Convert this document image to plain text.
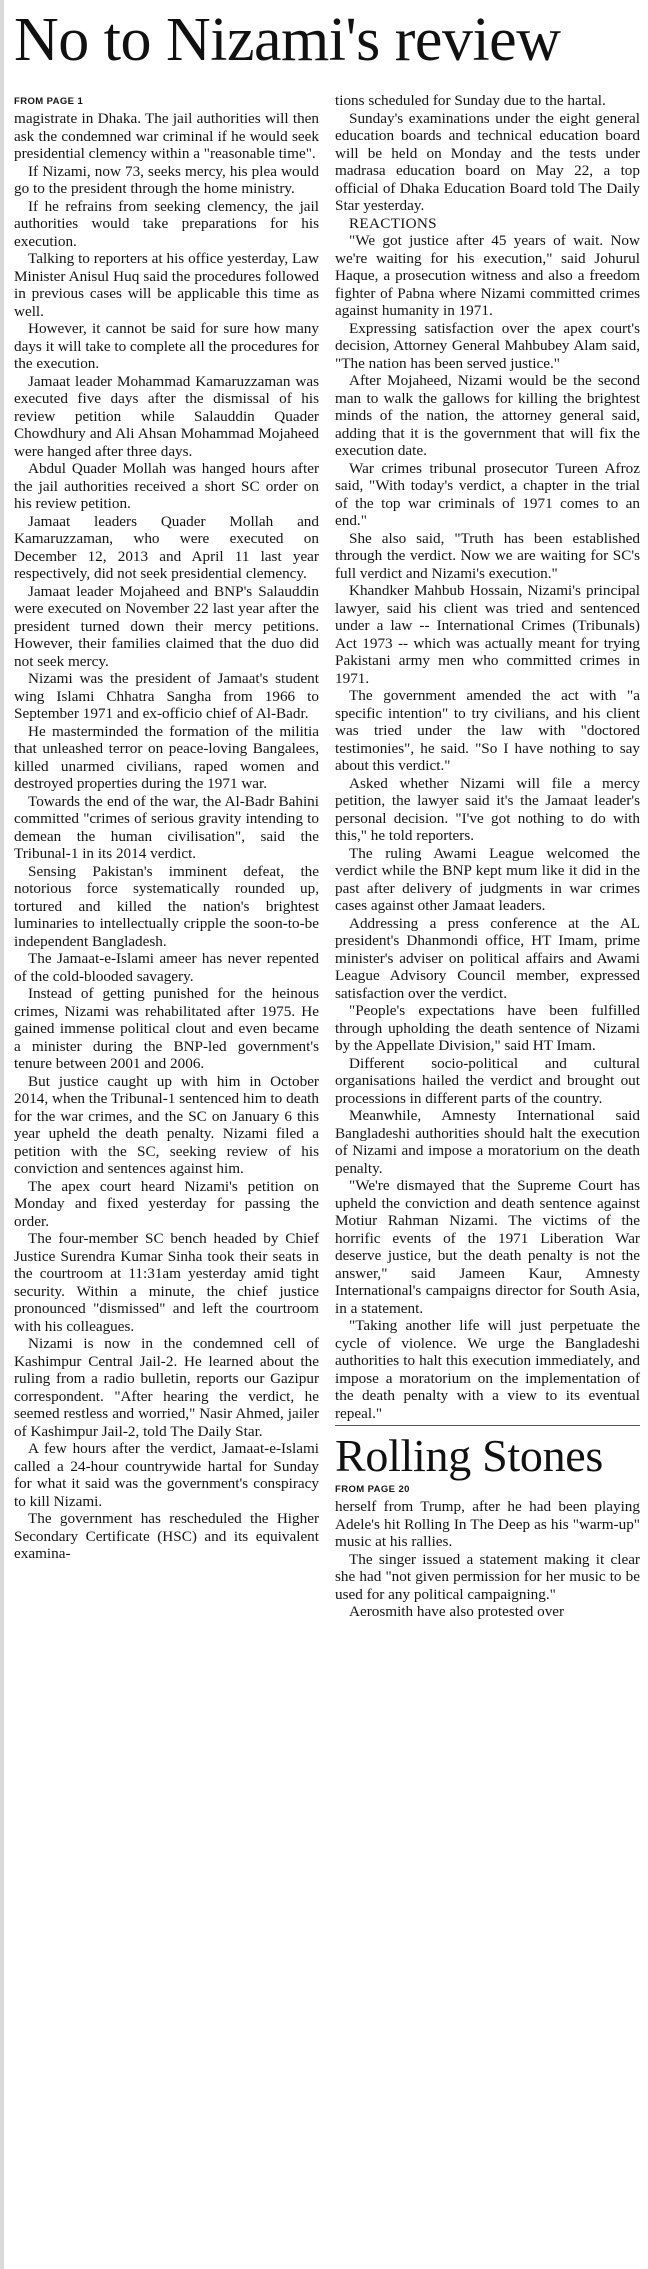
No to Nizami's review
FROM PAGE 1

magistrate in Dhaka. The jail authorities will then ask the condemned war criminal if he would seek presidential clemency within a "reasonable time".

If Nizami, now 73, seeks mercy, his plea would go to the president through the home ministry.

If he refrains from seeking clemency, the jail authorities would take preparations for his execution.

Talking to reporters at his office yesterday, Law Minister Anisul Huq said the procedures followed in previous cases will be applicable this time as well.

However, it cannot be said for sure how many days it will take to complete all the procedures for the execution.

Jamaat leader Mohammad Kamaruzzaman was executed five days after the dismissal of his review petition while Salauddin Quader Chowdhury and Ali Ahsan Mohammad Mojaheed were hanged after three days.

Abdul Quader Mollah was hanged hours after the jail authorities received a short SC order on his review petition.

Jamaat leaders Quader Mollah and Kamaruzzaman, who were executed on December 12, 2013 and April 11 last year respectively, did not seek presidential clemency.

Jamaat leader Mojaheed and BNP's Salauddin were executed on November 22 last year after the president turned down their mercy petitions. However, their families claimed that the duo did not seek mercy.

Nizami was the president of Jamaat's student wing Islami Chhatra Sangha from 1966 to September 1971 and ex-officio chief of Al-Badr.

He masterminded the formation of the militia that unleashed terror on peace-loving Bangalees, killed unarmed civilians, raped women and destroyed properties during the 1971 war.

Towards the end of the war, the Al-Badr Bahini committed "crimes of serious gravity intending to demean the human civilisation", said the Tribunal-1 in its 2014 verdict.

Sensing Pakistan's imminent defeat, the notorious force systematically rounded up, tortured and killed the nation's brightest luminaries to intellectually cripple the soon-to-be independent Bangladesh.

The Jamaat-e-Islami ameer has never repented of the cold-blooded savagery.

Instead of getting punished for the heinous crimes, Nizami was rehabilitated after 1975. He gained immense political clout and even became a minister during the BNP-led government's tenure between 2001 and 2006.

But justice caught up with him in October 2014, when the Tribunal-1 sentenced him to death for the war crimes, and the SC on January 6 this year upheld the death penalty. Nizami filed a petition with the SC, seeking review of his conviction and sentences against him.

The apex court heard Nizami's petition on Monday and fixed yesterday for passing the order.

The four-member SC bench headed by Chief Justice Surendra Kumar Sinha took their seats in the courtroom at 11:31am yesterday amid tight security. Within a minute, the chief justice pronounced "dismissed" and left the courtroom with his colleagues.

Nizami is now in the condemned cell of Kashimpur Central Jail-2. He learned about the ruling from a radio bulletin, reports our Gazipur correspondent. "After hearing the verdict, he seemed restless and worried," Nasir Ahmed, jailer of Kashimpur Jail-2, told The Daily Star.

A few hours after the verdict, Jamaat-e-Islami called a 24-hour countrywide hartal for Sunday for what it said was the government's conspiracy to kill Nizami.

The government has rescheduled the Higher Secondary Certificate (HSC) and its equivalent examina-

tions scheduled for Sunday due to the hartal.

Sunday's examinations under the eight general education boards and technical education board will be held on Monday and the tests under madrasa education board on May 22, a top official of Dhaka Education Board told The Daily Star yesterday.

REACTIONS

"We got justice after 45 years of wait. Now we're waiting for his execution," said Johurul Haque, a prosecution witness and also a freedom fighter of Pabna where Nizami committed crimes against humanity in 1971.

Expressing satisfaction over the apex court's decision, Attorney General Mahbubey Alam said, "The nation has been served justice."

After Mojaheed, Nizami would be the second man to walk the gallows for killing the brightest minds of the nation, the attorney general said, adding that it is the government that will fix the execution date.

War crimes tribunal prosecutor Tureen Afroz said, "With today's verdict, a chapter in the trial of the top war criminals of 1971 comes to an end."

She also said, "Truth has been established through the verdict. Now we are waiting for SC's full verdict and Nizami's execution."

Khandker Mahbub Hossain, Nizami's principal lawyer, said his client was tried and sentenced under a law -- International Crimes (Tribunals) Act 1973 -- which was actually meant for trying Pakistani army men who committed crimes in 1971.

The government amended the act with "a specific intention" to try civilians, and his client was tried under the law with "doctored testimonies", he said. "So I have nothing to say about this verdict."

Asked whether Nizami will file a mercy petition, the lawyer said it's the Jamaat leader's personal decision. "I've got nothing to do with this," he told reporters.

The ruling Awami League welcomed the verdict while the BNP kept mum like it did in the past after delivery of judgments in war crimes cases against other Jamaat leaders.

Addressing a press conference at the AL president's Dhanmondi office, HT Imam, prime minister's adviser on political affairs and Awami League Advisory Council member, expressed satisfaction over the verdict.

"People's expectations have been fulfilled through upholding the death sentence of Nizami by the Appellate Division," said HT Imam.

Different socio-political and cultural organisations hailed the verdict and brought out processions in different parts of the country.

Meanwhile, Amnesty International said Bangladeshi authorities should halt the execution of Nizami and impose a moratorium on the death penalty.

"We're dismayed that the Supreme Court has upheld the conviction and death sentence against Motiur Rahman Nizami. The victims of the horrific events of the 1971 Liberation War deserve justice, but the death penalty is not the answer," said Jameen Kaur, Amnesty International's campaigns director for South Asia, in a statement.

"Taking another life will just perpetuate the cycle of violence. We urge the Bangladeshi authorities to halt this execution immediately, and impose a moratorium on the implementation of the death penalty with a view to its eventual repeal."

Rolling Stones
FROM PAGE 20

herself from Trump, after he had been playing Adele's hit Rolling In The Deep as his "warm-up" music at his rallies.

The singer issued a statement making it clear she had "not given permission for her music to be used for any political campaigning."

Aerosmith have also protested over
